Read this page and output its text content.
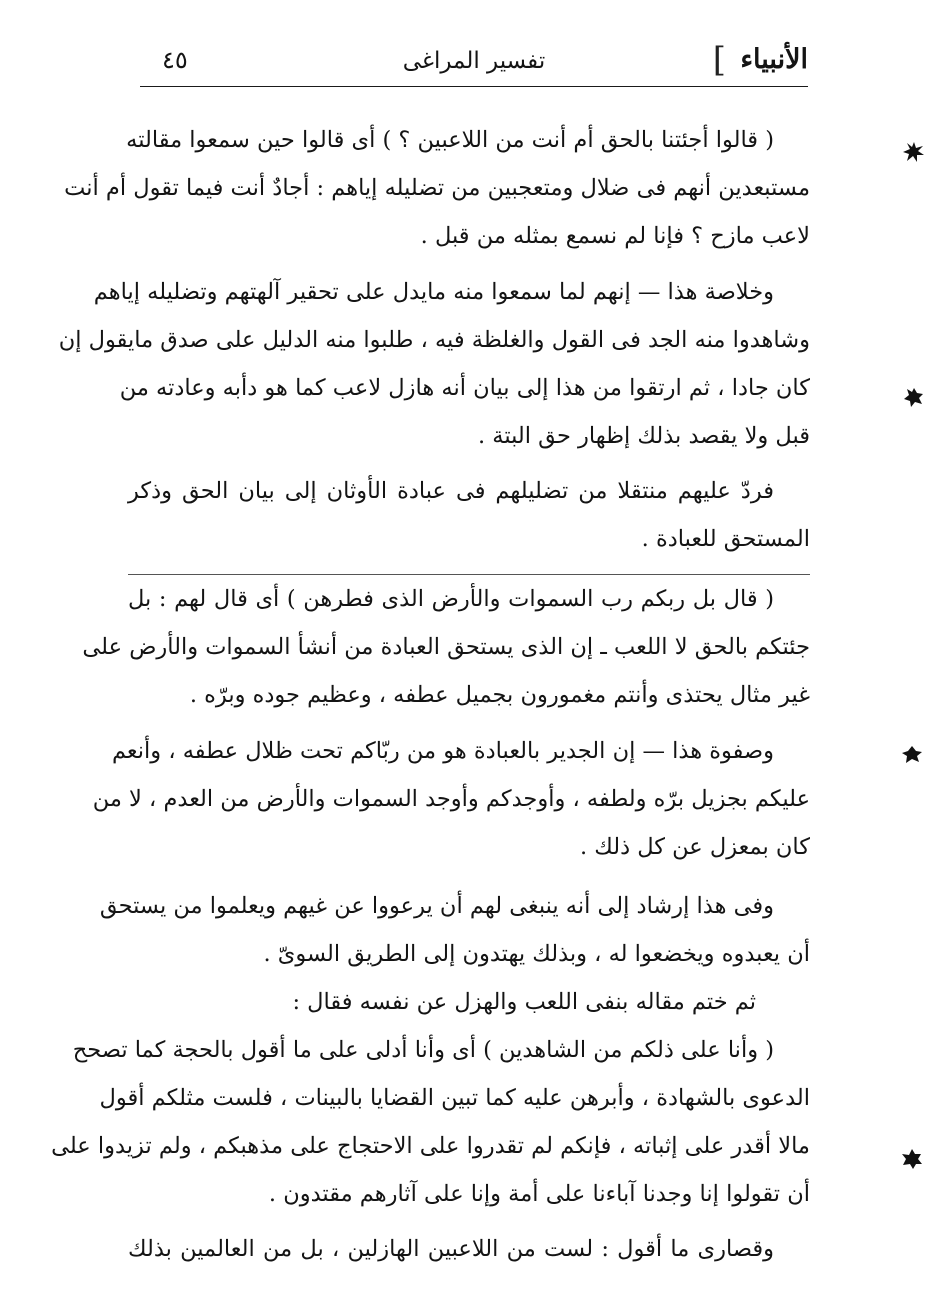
الأنبياء
]
تفسير المراغى
٤٥
( قالوا أجئتنا بالحق أم أنت من اللاعبين ؟ ) أى قالوا حين سمعوا مقالته
مستبعدين أنهم فى ضلال ومتعجبين من تضليله إياهم : أجادٌ أنت فيما تقول أم أنت
لاعب مازح ؟ فإنا لم نسمع بمثله من قبل .
وخلاصة هذا — إنهم لما سمعوا منه مايدل على تحقير آلهتهم وتضليله إياهم
وشاهدوا منه الجد فى القول والغلظة فيه ، طلبوا منه الدليل على صدق مايقول إن
كان جادا ، ثم ارتقوا من هذا إلى بيان أنه هازل لاعب كما هو دأبه وعادته من
قبل ولا يقصد بذلك إظهار حق البتة .
فردّ عليهم منتقلا من تضليلهم فى عبادة الأوثان إلى بيان الحق وذكر
المستحق للعبادة .
( قال بل ربكم رب السموات والأرض الذى فطرهن ) أى قال لهم : بل
جئتكم بالحق لا اللعب ـ إن الذى يستحق العبادة من أنشأ السموات والأرض على
غير مثال يحتذى وأنتم مغمورون بجميل عطفه ، وعظيم جوده وبرّه .
وصفوة هذا — إن الجدير بالعبادة هو من ربّاكم تحت ظلال عطفه ، وأنعم
عليكم بجزيل برّه ولطفه ، وأوجدكم وأوجد السموات والأرض من العدم ، لا من
كان بمعزل عن كل ذلك .
وفى هذا إرشاد إلى أنه ينبغى لهم أن يرعووا عن غيهم ويعلموا من يستحق
أن يعبدوه ويخضعوا له ، وبذلك يهتدون إلى الطريق السوىّ .
ثم ختم مقاله بنفى اللعب والهزل عن نفسه فقال :
( وأنا على ذلكم من الشاهدين ) أى وأنا أدلى على ما أقول بالحجة كما تصحح
الدعوى بالشهادة ، وأبرهن عليه كما تبين القضايا بالبينات ، فلست مثلكم أقول
مالا أقدر على إثباته ، فإنكم لم تقدروا على الاحتجاج على مذهبكم ، ولم تزيدوا على
أن تقولوا إنا وجدنا آباءنا على أمة وإنا على آثارهم مقتدون .
وقصارى ما أقول : لست من اللاعبين الهازلين ، بل من العالمين بذلك
